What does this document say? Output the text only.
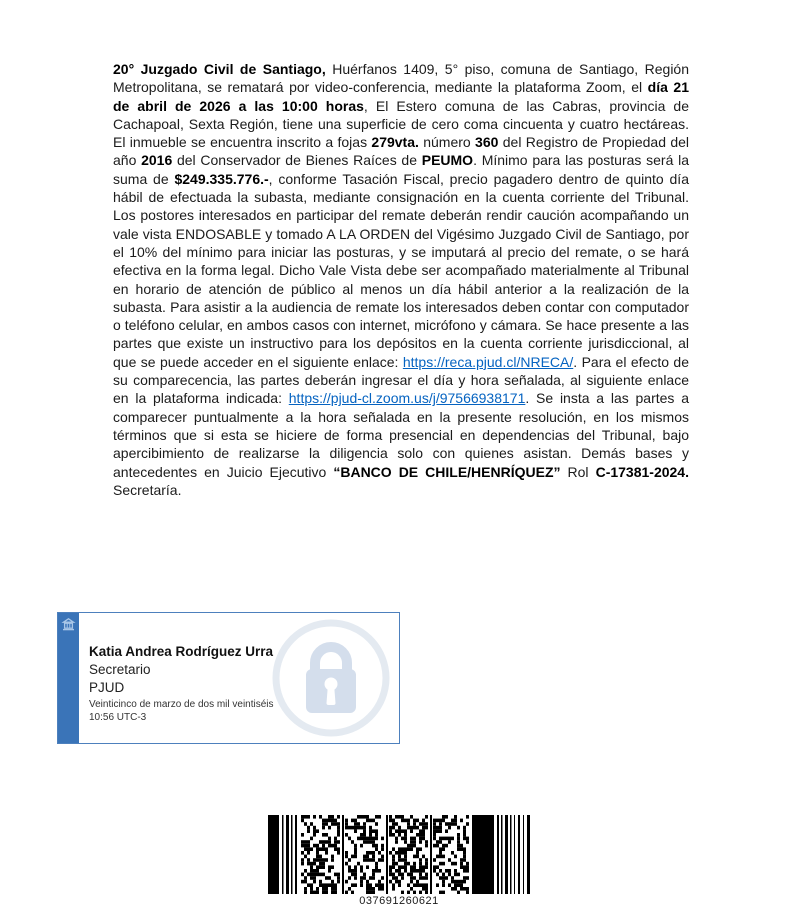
20° Juzgado Civil de Santiago, Huérfanos 1409, 5° piso, comuna de Santiago, Región Metropolitana, se rematará por video-conferencia, mediante la plataforma Zoom, el día 21 de abril de 2026 a las 10:00 horas, El Estero comuna de las Cabras, provincia de Cachapoal, Sexta Región, tiene una superficie de cero coma cincuenta y cuatro hectáreas. El inmueble se encuentra inscrito a fojas 279vta. número 360 del Registro de Propiedad del año 2016 del Conservador de Bienes Raíces de PEUMO. Mínimo para las posturas será la suma de $249.335.776.-, conforme Tasación Fiscal, precio pagadero dentro de quinto día hábil de efectuada la subasta, mediante consignación en la cuenta corriente del Tribunal. Los postores interesados en participar del remate deberán rendir caución acompañando un vale vista ENDOSABLE y tomado A LA ORDEN del Vigésimo Juzgado Civil de Santiago, por el 10% del mínimo para iniciar las posturas, y se imputará al precio del remate, o se hará efectiva en la forma legal. Dicho Vale Vista debe ser acompañado materialmente al Tribunal en horario de atención de público al menos un día hábil anterior a la realización de la subasta. Para asistir a la audiencia de remate los interesados deben contar con computador o teléfono celular, en ambos casos con internet, micrófono y cámara. Se hace presente a las partes que existe un instructivo para los depósitos en la cuenta corriente jurisdiccional, al que se puede acceder en el siguiente enlace: https://reca.pjud.cl/NRECA/. Para el efecto de su comparecencia, las partes deberán ingresar el día y hora señalada, al siguiente enlace en la plataforma indicada: https://pjud-cl.zoom.us/j/97566938171. Se insta a las partes a comparecer puntualmente a la hora señalada en la presente resolución, en los mismos términos que si esta se hiciere de forma presencial en dependencias del Tribunal, bajo apercibimiento de realizarse la diligencia solo con quienes asistan. Demás bases y antecedentes en Juicio Ejecutivo “BANCO DE CHILE/HENRÍQUEZ” Rol C-17381-2024. Secretaría.

Katia Andrea Rodríguez Urra
Secretario
PJUD
Veinticinco de marzo de dos mil veintiséis
10:56 UTC-3
037691260621
